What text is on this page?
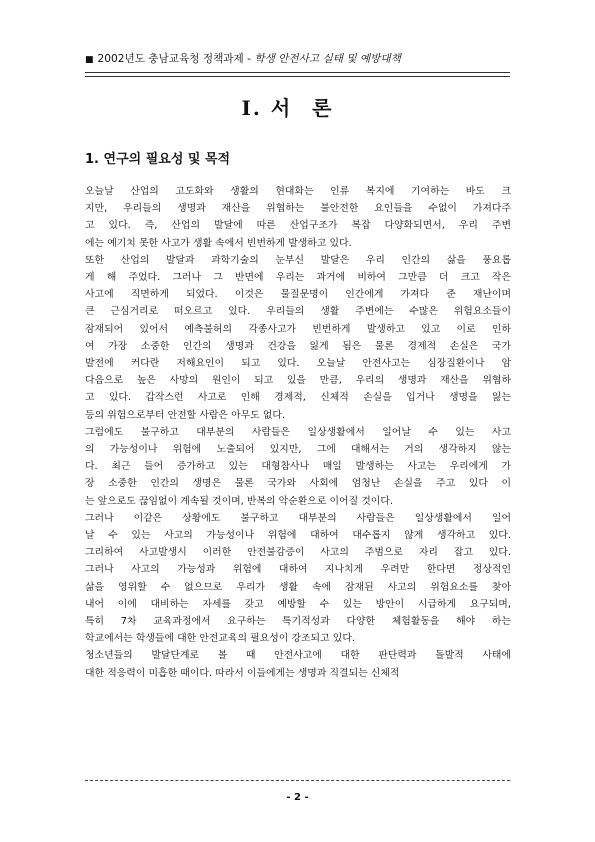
■ 2002년도 충남교육청 정책과제 - 학생 안전사고 실태 및 예방대책
Ⅰ. 서론
1. 연구의 필요성 및 목적

오늘날 산업의 고도화와 생활의 현대화는 인류 복지에 기여하는 바도 크
지만, 우리들의 생명과 재산을 위협하는 불안전한 요인들을 수없이 가져다주
고 있다. 즉, 산업의 발달에 따른 산업구조가 복잡 다양화되면서, 우리 주변
에는 예기치 못한 사고가 생활 속에서 빈번하게 발생하고 있다.

또한 산업의 발달과 과학기술의 눈부신 발달은 우리 인간의 삶을 풍요롭
게 해 주었다. 그러나 그 반면에 우리는 과거에 비하여 그만큼 더 크고 작은
사고에 직면하게 되었다. 이것은 물질문명이 인간에게 가져다 준 재난이며
큰 근심거리로 떠오르고 있다. 우리들의 생활 주변에는 수많은 위험요소들이
잠재되어 있어서 예측불허의 각종사고가 빈번하게 발생하고 있고 이로 인하
여 가장 소중한 인간의 생명과 건강을 잃게 됨은 물론 경제적 손실은 국가
발전에 커다란 저해요인이 되고 있다. 오늘날 안전사고는 심장질환이나 암
다음으로 높은 사망의 원인이 되고 있을 만큼, 우리의 생명과 재산을 위협하
고 있다. 갑작스런 사고로 인해 경제적, 신체적 손실을 입거나 생명을 잃는
등의 위험으로부터 안전할 사람은 아무도 없다.

그럼에도 불구하고 대부분의 사람들은 일상생활에서 일어날 수 있는 사고
의 가능성이나 위험에 노출되어 있지만, 그에 대해서는 거의 생각하지 않는
다. 최근 들어 증가하고 있는 대형참사나 매일 발생하는 사고는 우리에게 가
장 소중한 인간의 생명은 물론 국가와 사회에 엄청난 손실을 주고 있다 이
는 앞으로도 끊임없이 계속될 것이며, 반복의 악순환으로 이어질 것이다.

그러나 이같은 상황에도 불구하고 대부분의 사람들은 일상생활에서 일어
날 수 있는 사고의 가능성이나 위험에 대하여 대수롭지 않게 생각하고 있다.
그리하여 사고발생시 이러한 안전불감증이 사고의 주범으로 자리 잡고 있다.
그러나 사고의 가능성과 위험에 대하여 지나치게 우려만 한다면 정상적인
삶을 영위할 수 없으므로 우리가 생활 속에 잠재된 사고의 위험요소를 찾아
내어 이에 대비하는 자세를 갖고 예방할 수 있는 방안이 시급하게 요구되며,
특히 7차 교육과정에서 요구하는 특기적성과 다양한 체험활동을 해야 하는
학교에서는 학생들에 대한 안전교육의 필요성이 강조되고 있다.

청소년들의 발달단계로 볼 때 안전사고에 대한 판단력과 돌발적 사태에
대한 적응력이 미흡한 때이다. 따라서 이들에게는 생명과 직결되는 신체적

- 2 -
